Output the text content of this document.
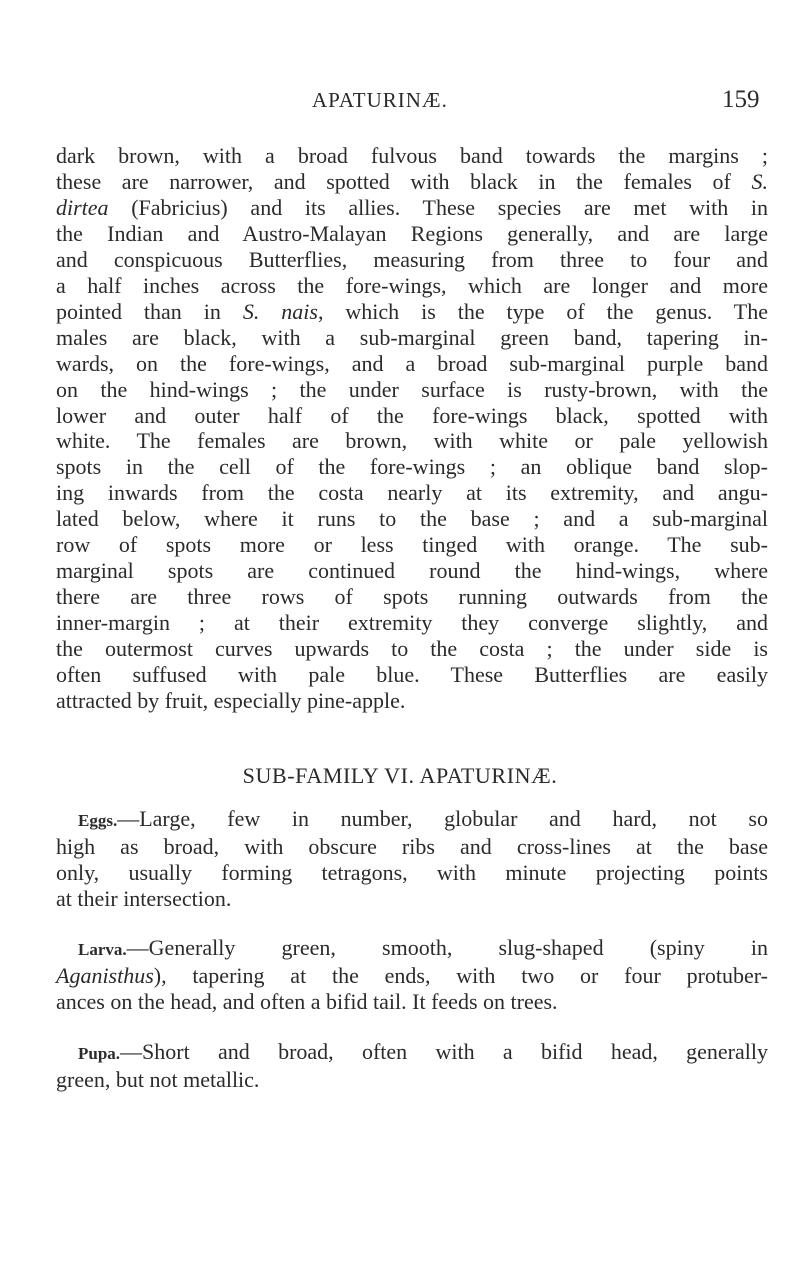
APATURINÆ.	159
dark brown, with a broad fulvous band towards the margins ;
these are narrower, and spotted with black in the females of S.
dirtea (Fabricius) and its allies. These species are met with in
the Indian and Austro-Malayan Regions generally, and are large
and conspicuous Butterflies, measuring from three to four and
a half inches across the fore-wings, which are longer and more
pointed than in S. nais, which is the type of the genus. The
males are black, with a sub-marginal green band, tapering in-
wards, on the fore-wings, and a broad sub-marginal purple band
on the hind-wings ; the under surface is rusty-brown, with the
lower and outer half of the fore-wings black, spotted with
white. The females are brown, with white or pale yellowish
spots in the cell of the fore-wings ; an oblique band slop-
ing inwards from the costa nearly at its extremity, and angu-
lated below, where it runs to the base ; and a sub-marginal
row of spots more or less tinged with orange. The sub-
marginal spots are continued round the hind-wings, where
there are three rows of spots running outwards from the
inner-margin ; at their extremity they converge slightly, and
the outermost curves upwards to the costa ; the under side is
often suffused with pale blue. These Butterflies are easily
attracted by fruit, especially pine-apple.
SUB-FAMILY VI. APATURINÆ.
Eggs.—Large, few in number, globular and hard, not so
high as broad, with obscure ribs and cross-lines at the base
only, usually forming tetragons, with minute projecting points
at their intersection.
Larva.—Generally green, smooth, slug-shaped (spiny in
Aganisthus), tapering at the ends, with two or four protuber-
ances on the head, and often a bifid tail. It feeds on trees.
Pupa.—Short and broad, often with a bifid head, generally
green, but not metallic.
